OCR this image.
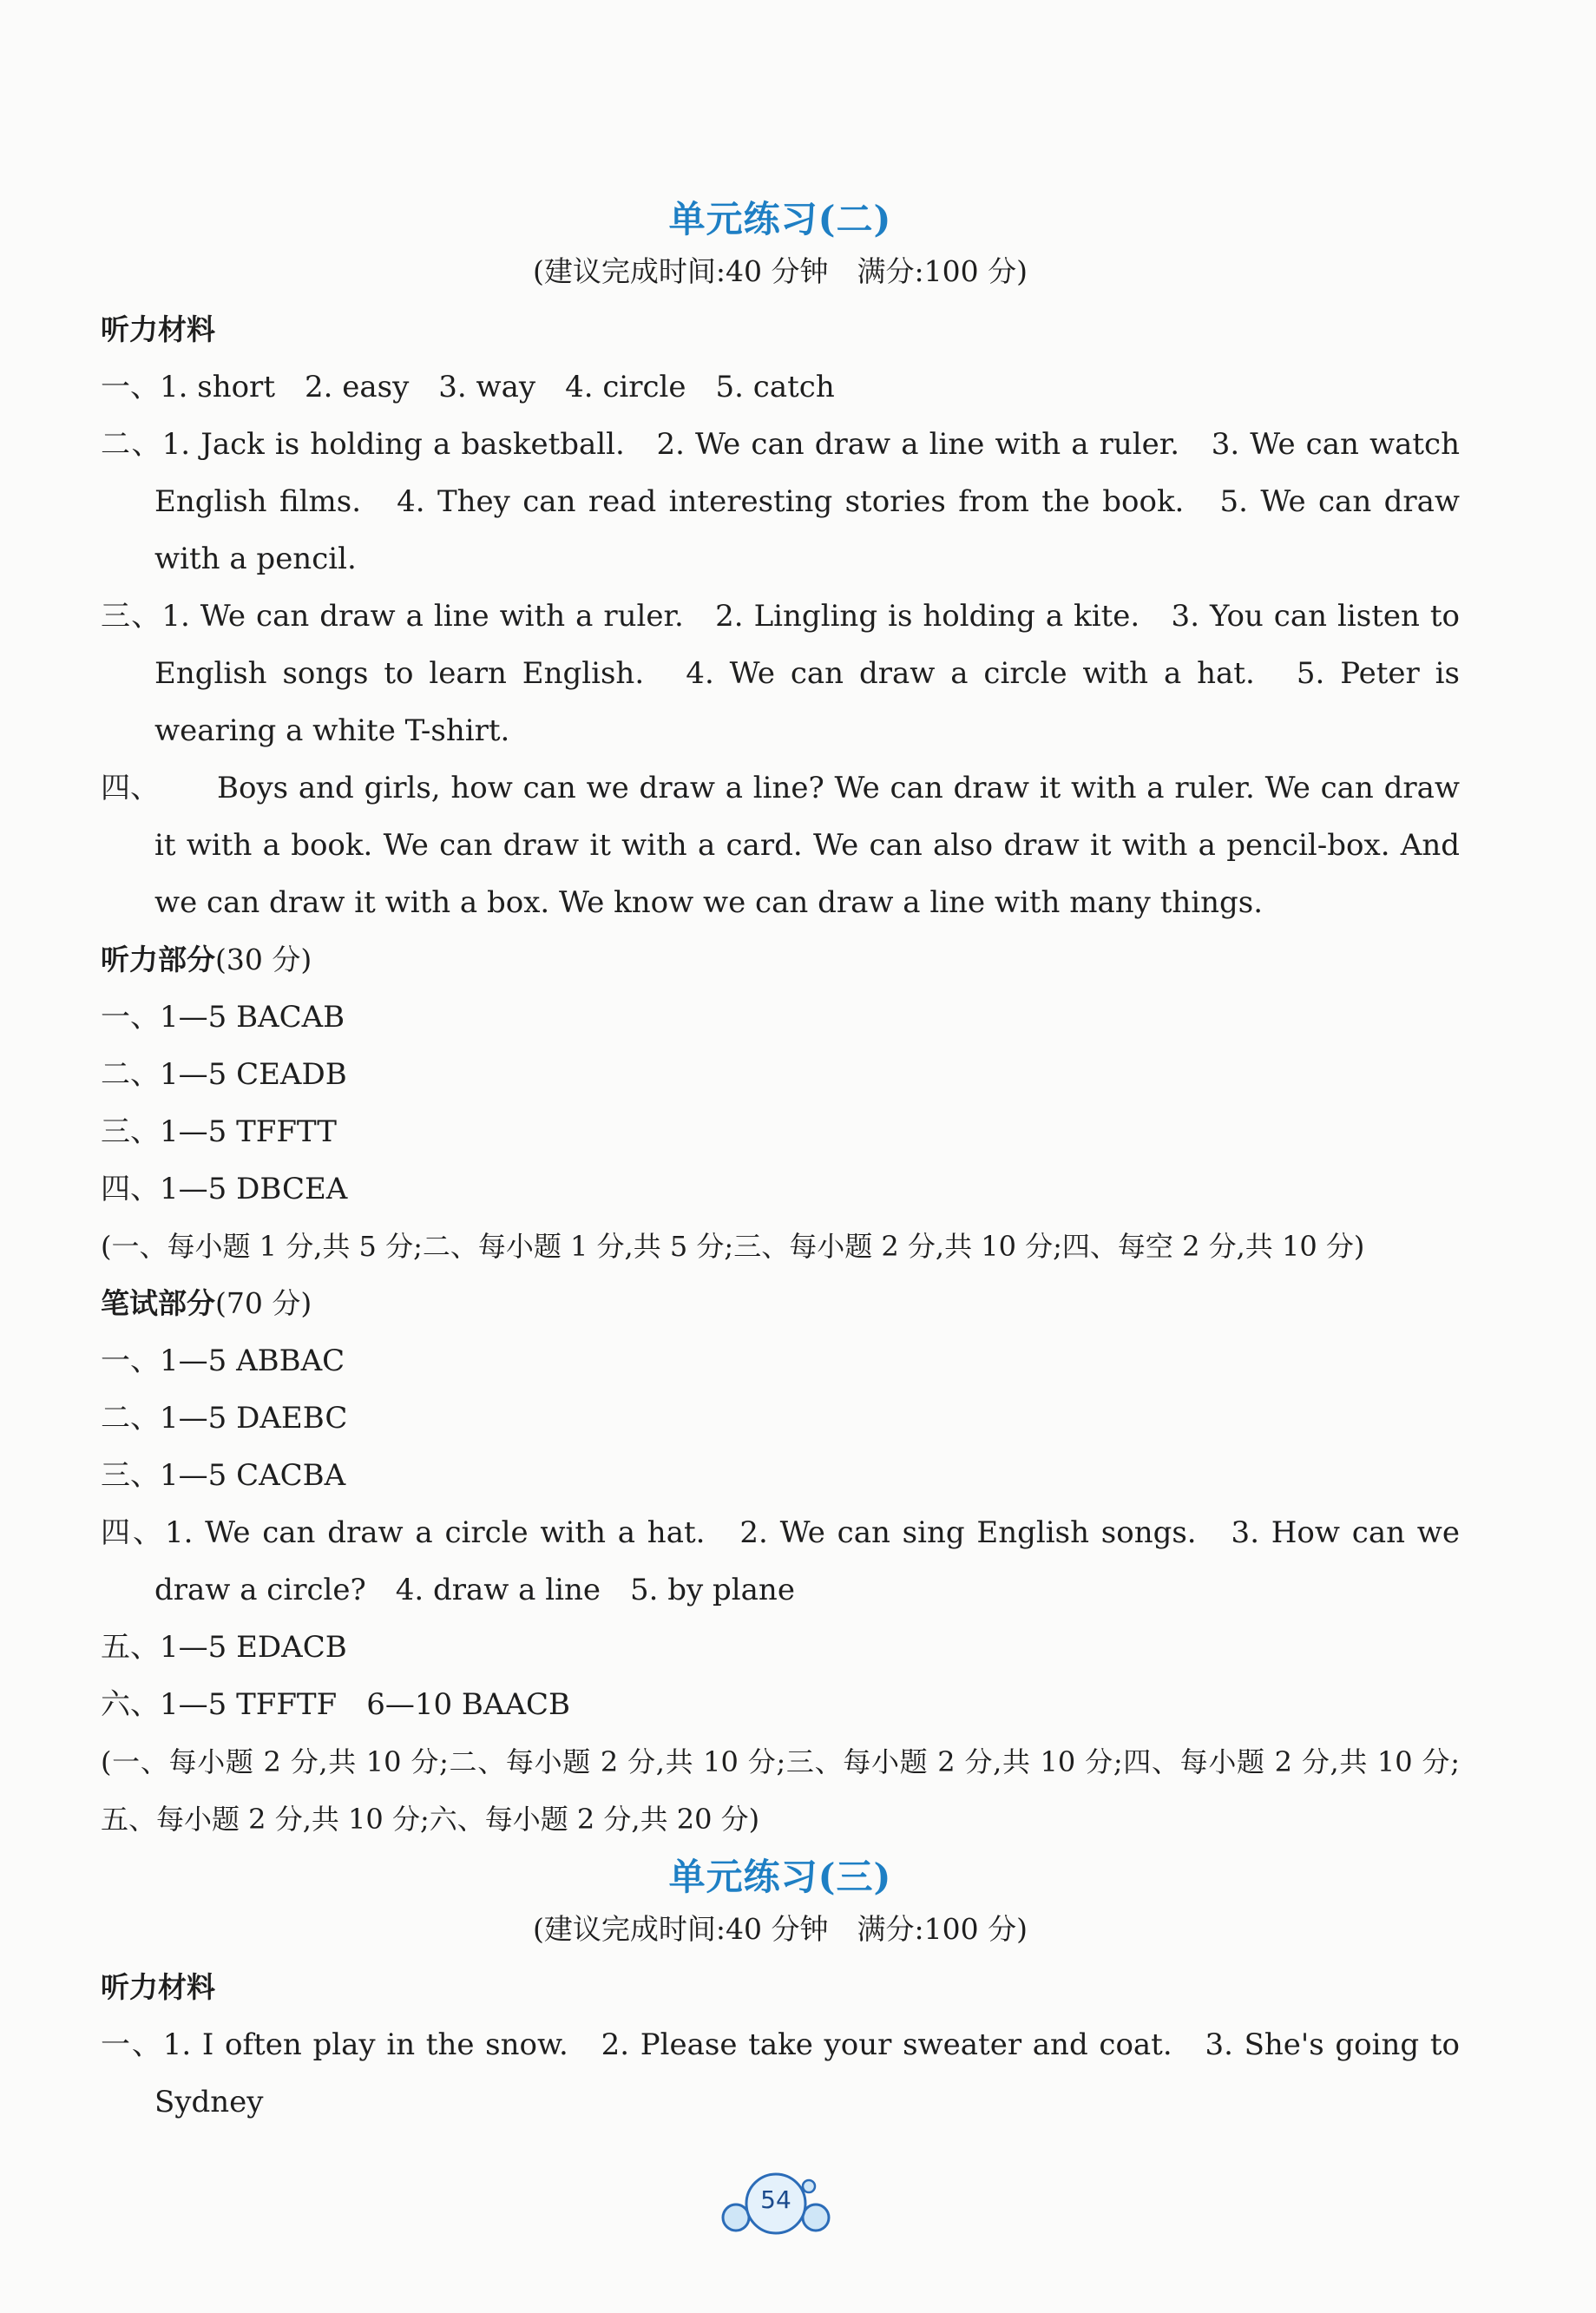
单元练习(二)

(建议完成时间:40 分钟　满分:100 分)

听力材料

一、1. short　2. easy　3. way　4. circle　5. catch

二、1. Jack is holding a basketball.　2. We can draw a line with a ruler.　3. We can watch English films.　4. They can read interesting stories from the book.　5. We can draw with a pencil.

三、1. We can draw a line with a ruler.　2. Lingling is holding a kite.　3. You can listen to English songs to learn English.　4. We can draw a circle with a hat.　5. Peter is wearing a white T-shirt.

四、 Boys and girls, how can we draw a line? We can draw it with a ruler. We can draw it with a book. We can draw it with a card. We can also draw it with a pencil-box. And we can draw it with a box. We know we can draw a line with many things.

听力部分(30 分)

一、1—5 BACAB

二、1—5 CEADB

三、1—5 TFFTT

四、1—5 DBCEA

(一、每小题 1 分,共 5 分;二、每小题 1 分,共 5 分;三、每小题 2 分,共 10 分;四、每空 2 分,共 10 分)

笔试部分(70 分)

一、1—5 ABBAC

二、1—5 DAEBC

三、1—5 CACBA

四、1. We can draw a circle with a hat.　2. We can sing English songs.　3. How can we draw a circle?　4. draw a line　5. by plane

五、1—5 EDACB

六、1—5 TFFTF　6—10 BAACB

(一、每小题 2 分,共 10 分;二、每小题 2 分,共 10 分;三、每小题 2 分,共 10 分;四、每小题 2 分,共 10 分;五、每小题 2 分,共 10 分;六、每小题 2 分,共 20 分)

单元练习(三)

(建议完成时间:40 分钟　满分:100 分)

听力材料

一、1. I often play in the snow.　2. Please take your sweater and coat.　3. She's going to Sydney

54
